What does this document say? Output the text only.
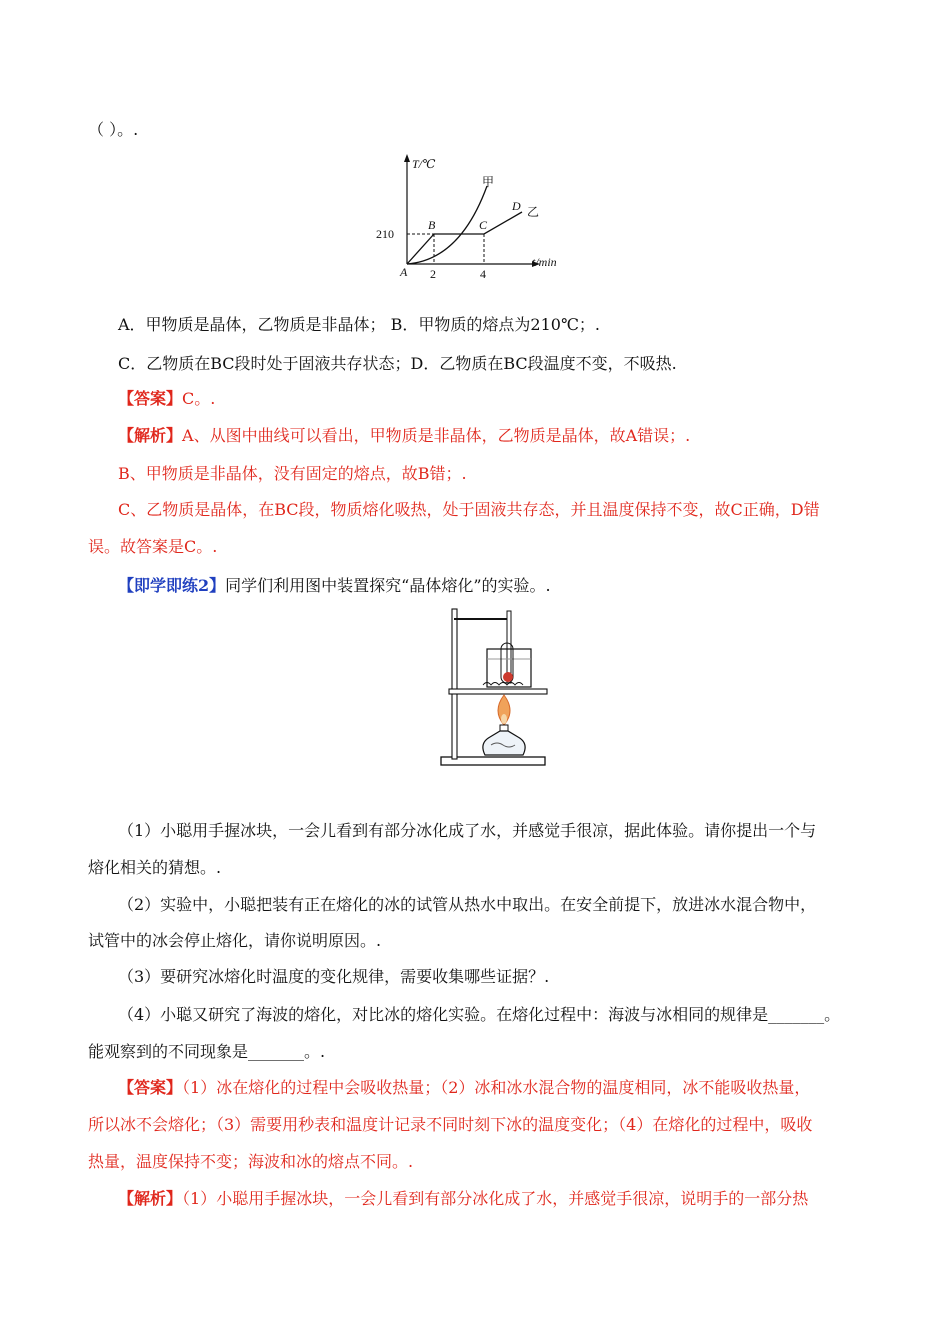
（ ）。.
T/℃
t/min
210
2	4
A
B	C
D
甲
乙
A．甲物质是晶体，乙物质是非晶体； B．甲物质的熔点为210℃；.
C．乙物质在BC段时处于固液共存状态；D．乙物质在BC段温度不变，不吸热.
【答案】C。.
【解析】A、从图中曲线可以看出，甲物质是非晶体，乙物质是晶体，故A错误；.
B、甲物质是非晶体，没有固定的熔点，故B错；.
C、乙物质是晶体，在BC段，物质熔化吸热，处于固液共存态，并且温度保持不变，故C正确，D错
误。故答案是C。.
【即学即练2】同学们利用图中装置探究“晶体熔化”的实验。.
（1）小聪用手握冰块，一会儿看到有部分冰化成了水，并感觉手很凉，据此体验。请你提出一个与
熔化相关的猜想。.
（2）实验中，小聪把装有正在熔化的冰的试管从热水中取出。在安全前提下，放进冰水混合物中，
试管中的冰会停止熔化，请你说明原因。.
（3）要研究冰熔化时温度的变化规律，需要收集哪些证据？.
（4）小聪又研究了海波的熔化，对比冰的熔化实验。在熔化过程中：海波与冰相同的规律是_______。
能观察到的不同现象是_______。.
【答案】（1）冰在熔化的过程中会吸收热量；（2）冰和冰水混合物的温度相同，冰不能吸收热量，
所以冰不会熔化；（3）需要用秒表和温度计记录不同时刻下冰的温度变化；（4）在熔化的过程中，吸收
热量，温度保持不变；海波和冰的熔点不同。.
【解析】（1）小聪用手握冰块，一会儿看到有部分冰化成了水，并感觉手很凉，说明手的一部分热
